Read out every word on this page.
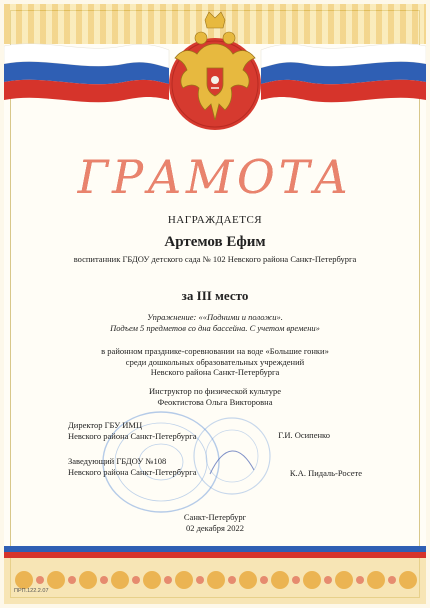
ГРАМОТА
НАГРАЖДАЕТСЯ
Артемов Ефим
воспитанник ГБДОУ детского сада № 102 Невского района Санкт-Петербурга
за III место
Упражнение: ««Подними и положи».
Подъем 5 предметов со дна бассейна. С учетом времени»
в районном празднике-соревновании на воде «Большие гонки»
среди дошкольных образовательных учреждений
Невского района Санкт-Петербурга
Инструктор по физической культуре
Феоктистова Ольга Викторовна
Директор ГБУ ИМЦ
Невского района Санкт-Петербурга	Г.И. Осипенко
Заведующий ГБДОУ №108
Невского района Санкт-Петербурга	К.А. Пидаль-Росете
Санкт-Петербург
02 декабря 2022
ПРП.122.2.07
